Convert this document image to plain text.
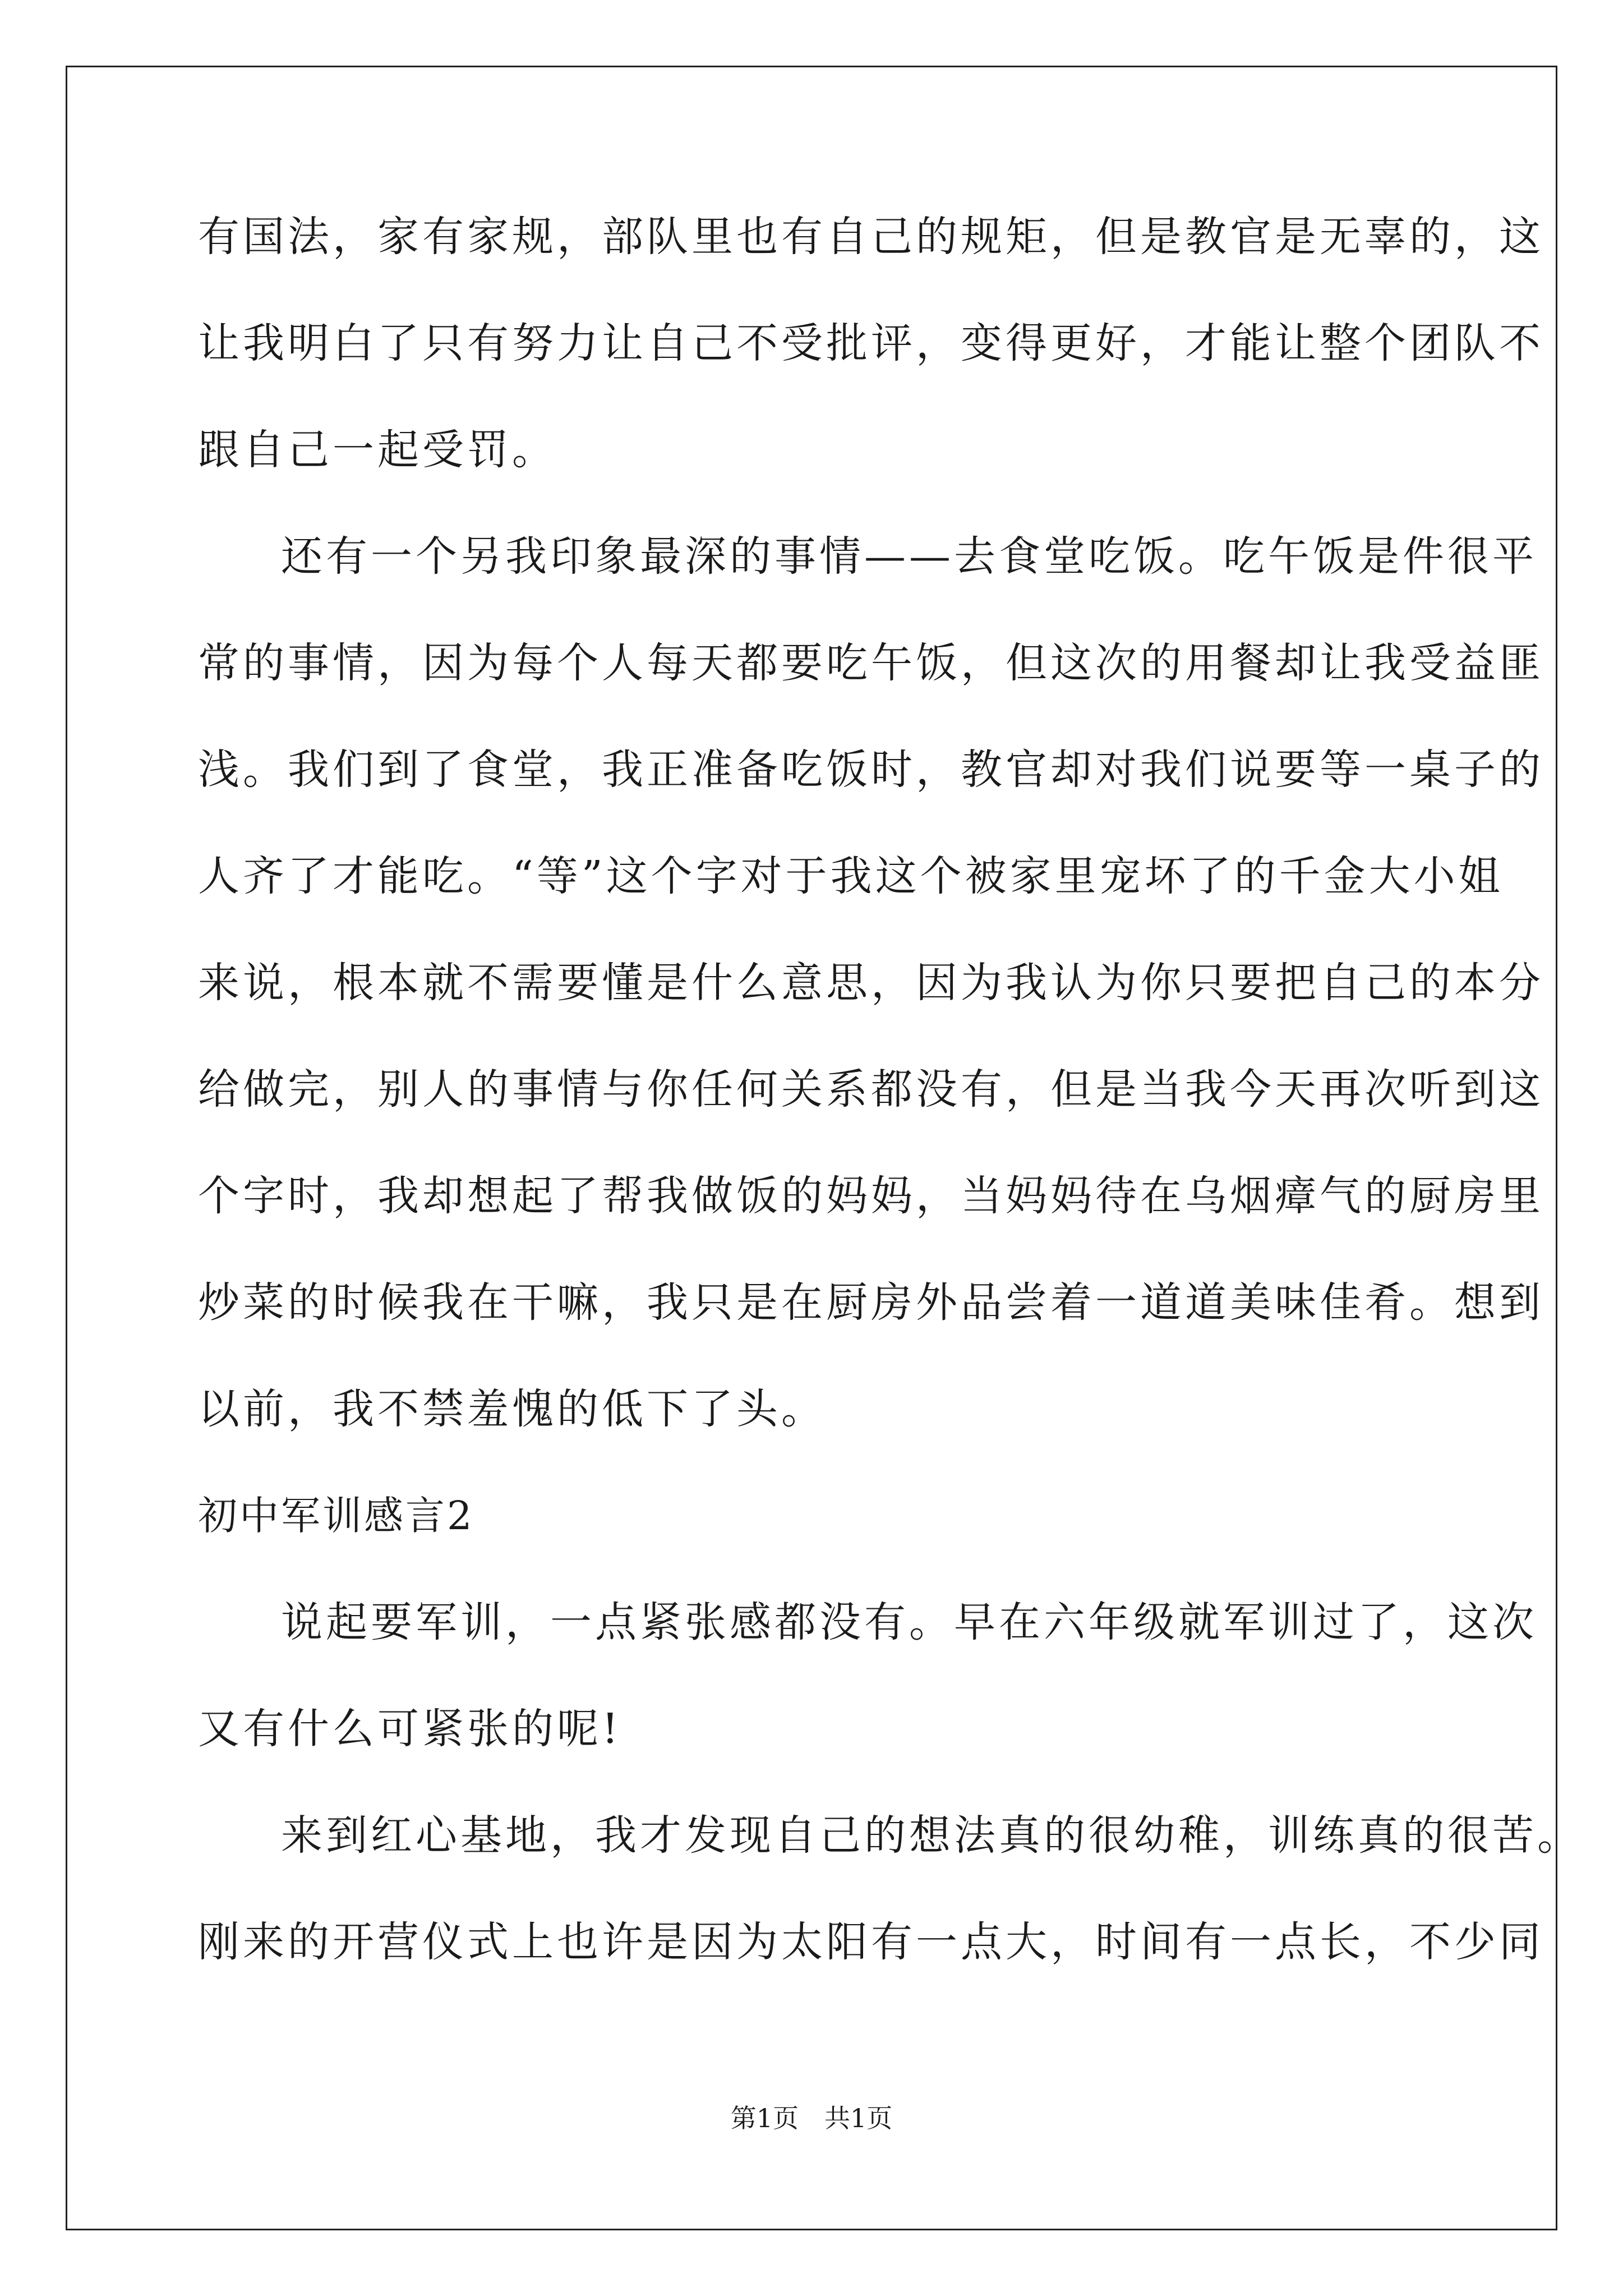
有国法，家有家规，部队里也有自己的规矩，但是教官是无辜的，这
让我明白了只有努力让自己不受批评，变得更好，才能让整个团队不
跟自己一起受罚。
还有一个另我印象最深的事情——去食堂吃饭。吃午饭是件很平
常的事情，因为每个人每天都要吃午饭，但这次的用餐却让我受益匪
浅。我们到了食堂，我正准备吃饭时，教官却对我们说要等一桌子的
人齐了才能吃。“等”这个字对于我这个被家里宠坏了的千金大小姐
来说，根本就不需要懂是什么意思，因为我认为你只要把自己的本分
给做完，别人的事情与你任何关系都没有，但是当我今天再次听到这
个字时，我却想起了帮我做饭的妈妈，当妈妈待在乌烟瘴气的厨房里
炒菜的时候我在干嘛，我只是在厨房外品尝着一道道美味佳肴。想到
以前，我不禁羞愧的低下了头。
初中军训感言2
说起要军训，一点紧张感都没有。早在六年级就军训过了，这次
又有什么可紧张的呢!
来到红心基地，我才发现自己的想法真的很幼稚，训练真的很苦。
刚来的开营仪式上也许是因为太阳有一点大，时间有一点长，不少同
第1页 共1页
